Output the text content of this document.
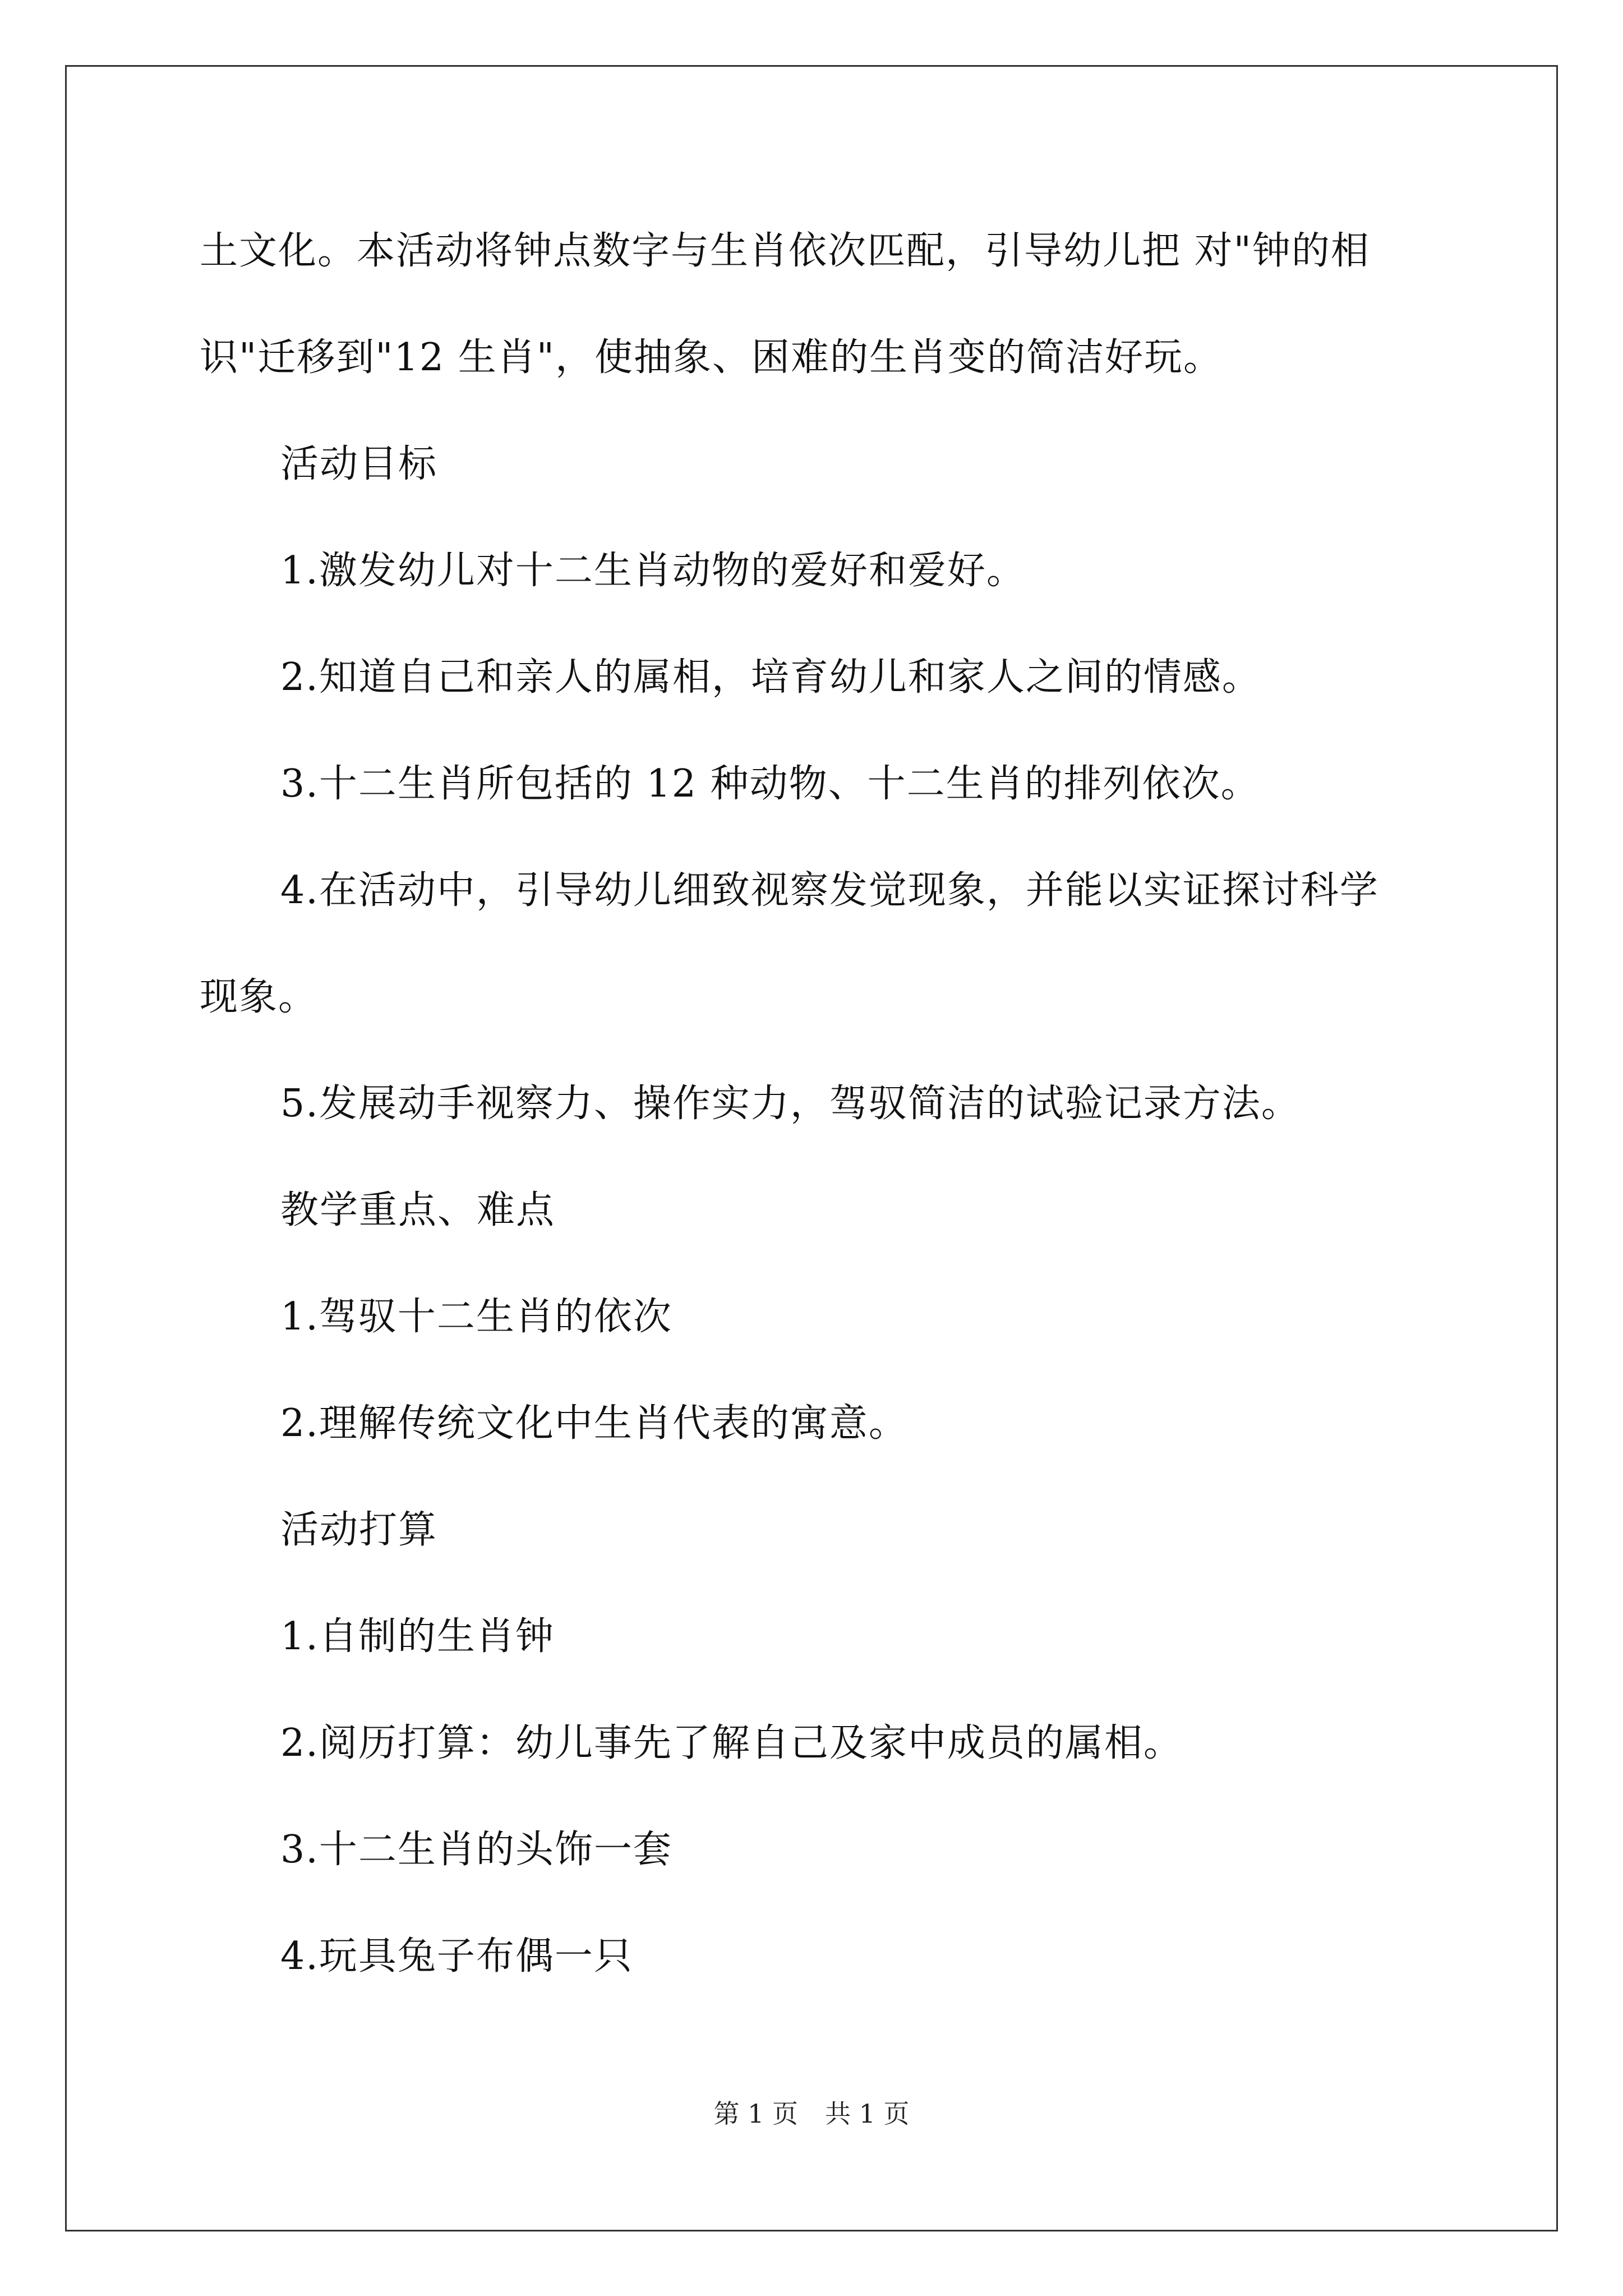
土文化。本活动将钟点数字与生肖依次匹配，引导幼儿把 对"钟的相
识"迁移到"12 生肖"，使抽象、困难的生肖变的简洁好玩。
活动目标
1.激发幼儿对十二生肖动物的爱好和爱好。
2.知道自己和亲人的属相，培育幼儿和家人之间的情感。
3.十二生肖所包括的 12 种动物、十二生肖的排列依次。
4.在活动中，引导幼儿细致视察发觉现象，并能以实证探讨科学
现象。
5.发展动手视察力、操作实力，驾驭简洁的试验记录方法。
教学重点、难点
1.驾驭十二生肖的依次
2.理解传统文化中生肖代表的寓意。
活动打算
1.自制的生肖钟
2.阅历打算：幼儿事先了解自己及家中成员的属相。
3.十二生肖的头饰一套
4.玩具兔子布偶一只
第 1 页 共 1 页
